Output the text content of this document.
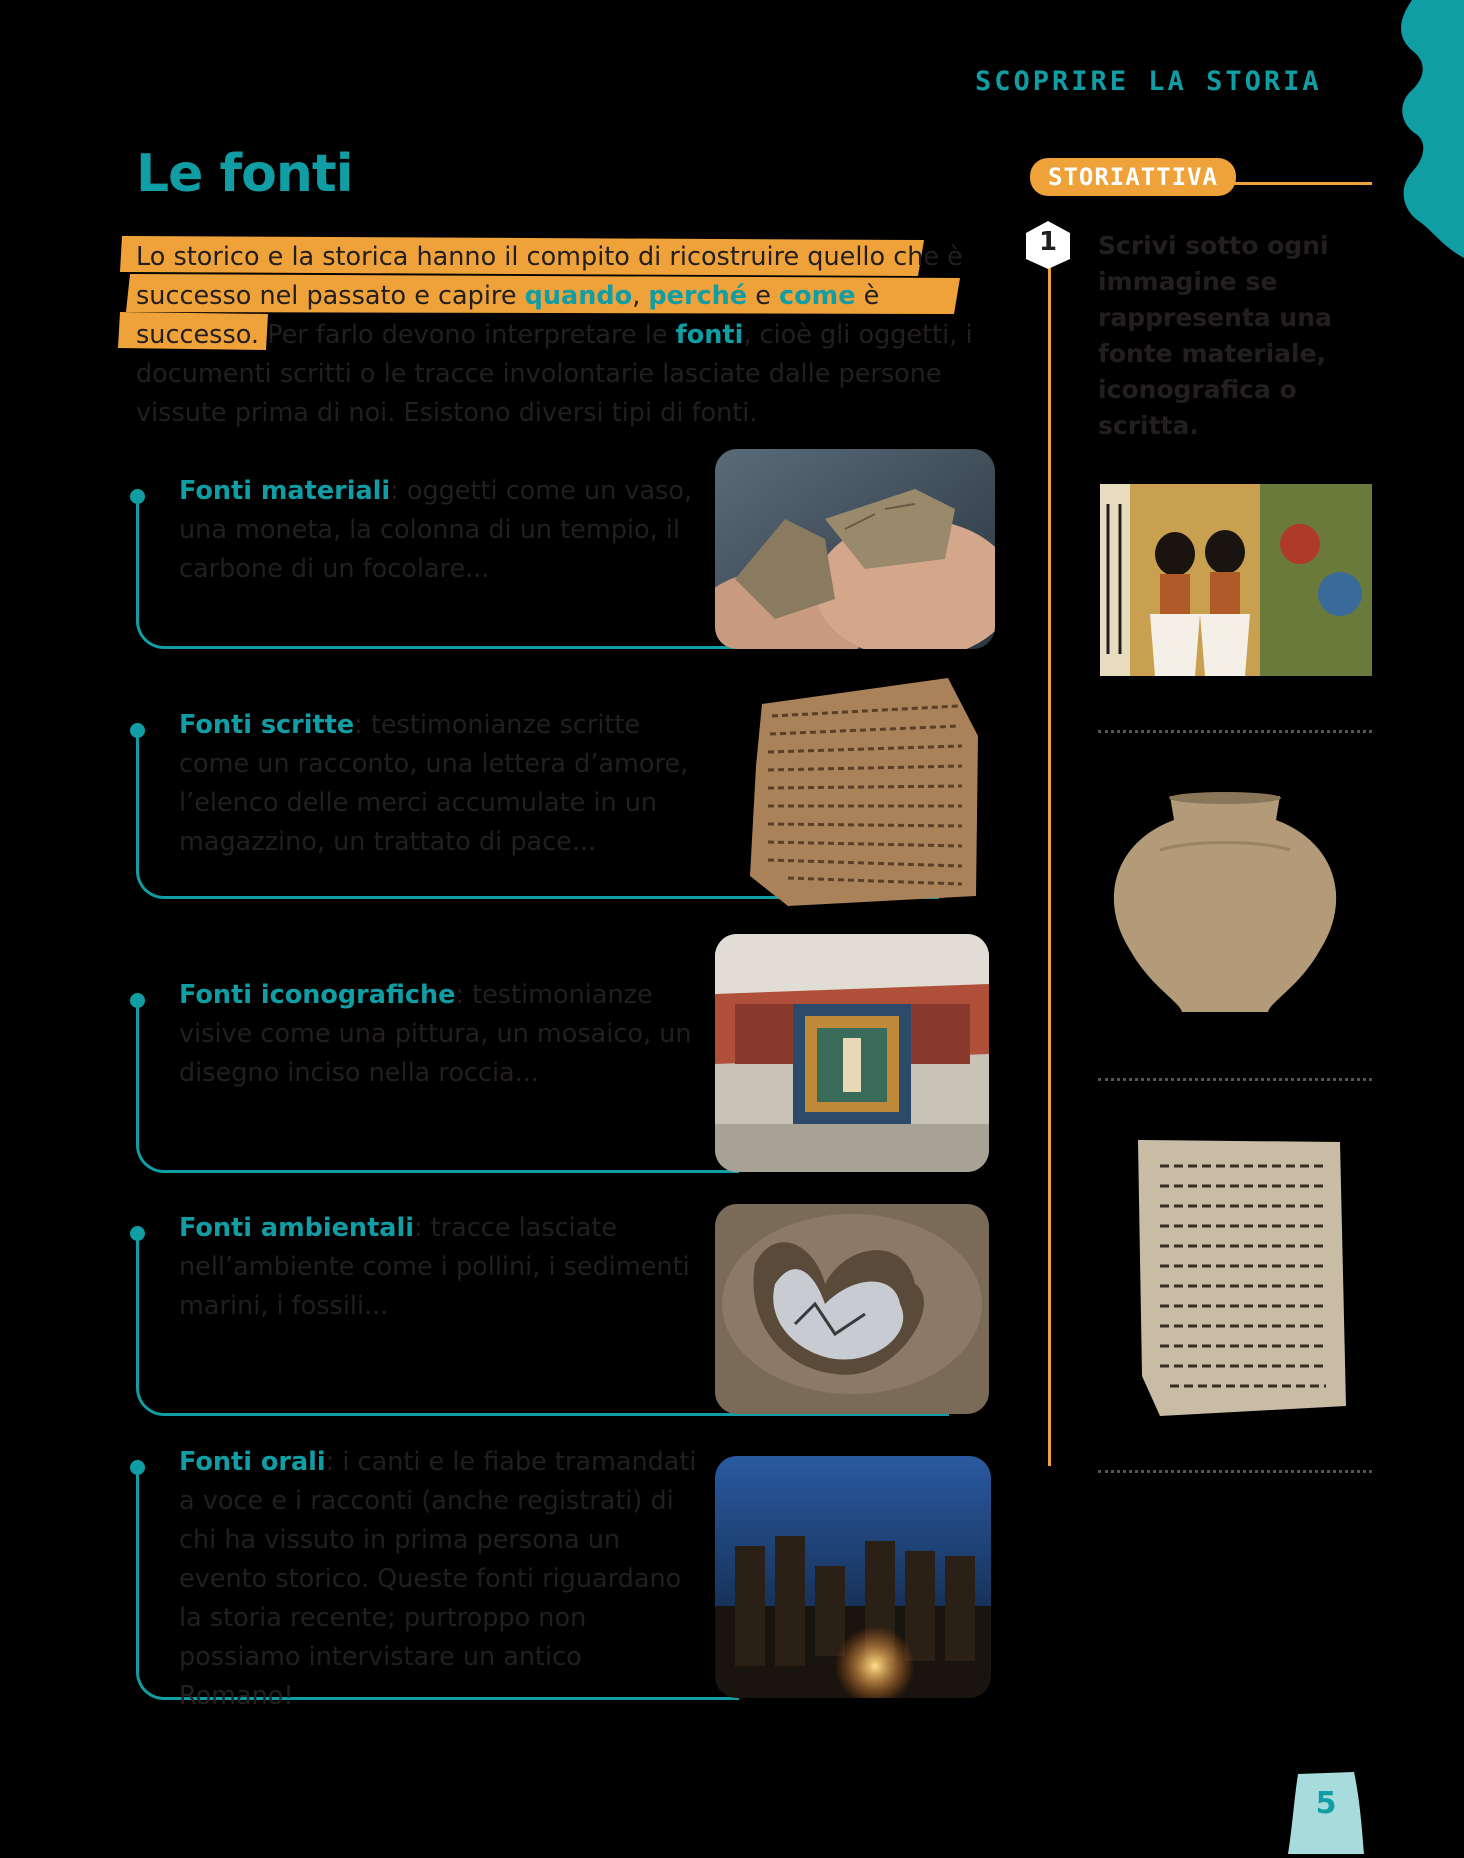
SCOPRIRE LA STORIA
Le fonti
Lo storico e la storica hanno il compito di ricostruire quello che è successo nel passato e capire quando, perché e come è successo. Per farlo devono interpretare le fonti, cioè gli oggetti, i documenti scritti o le tracce involontarie lasciate dalle persone vissute prima di noi. Esistono diversi tipi di fonti.
Fonti materiali: oggetti come un vaso, una moneta, la colonna di un tempio, il carbone di un focolare...
Fonti scritte: testimonianze scritte come un racconto, una lettera d’amore, l’elenco delle merci accumulate in un magazzino, un trattato di pace...
Fonti iconografiche: testimonianze visive come una pittura, un mosaico, un disegno inciso nella roccia...
Fonti ambientali: tracce lasciate nell’ambiente come i pollini, i sedimenti marini, i fossili...
Fonti orali: i canti e le fiabe tramandati a voce e i racconti (anche registrati) di chi ha vissuto in prima persona un evento storico. Queste fonti riguardano la storia recente; purtroppo non possiamo intervistare un antico Romano!
STORIATTIVA
1	Scrivi sotto ogni immagine se rappresenta una fonte materiale, iconografica o scritta.
5
